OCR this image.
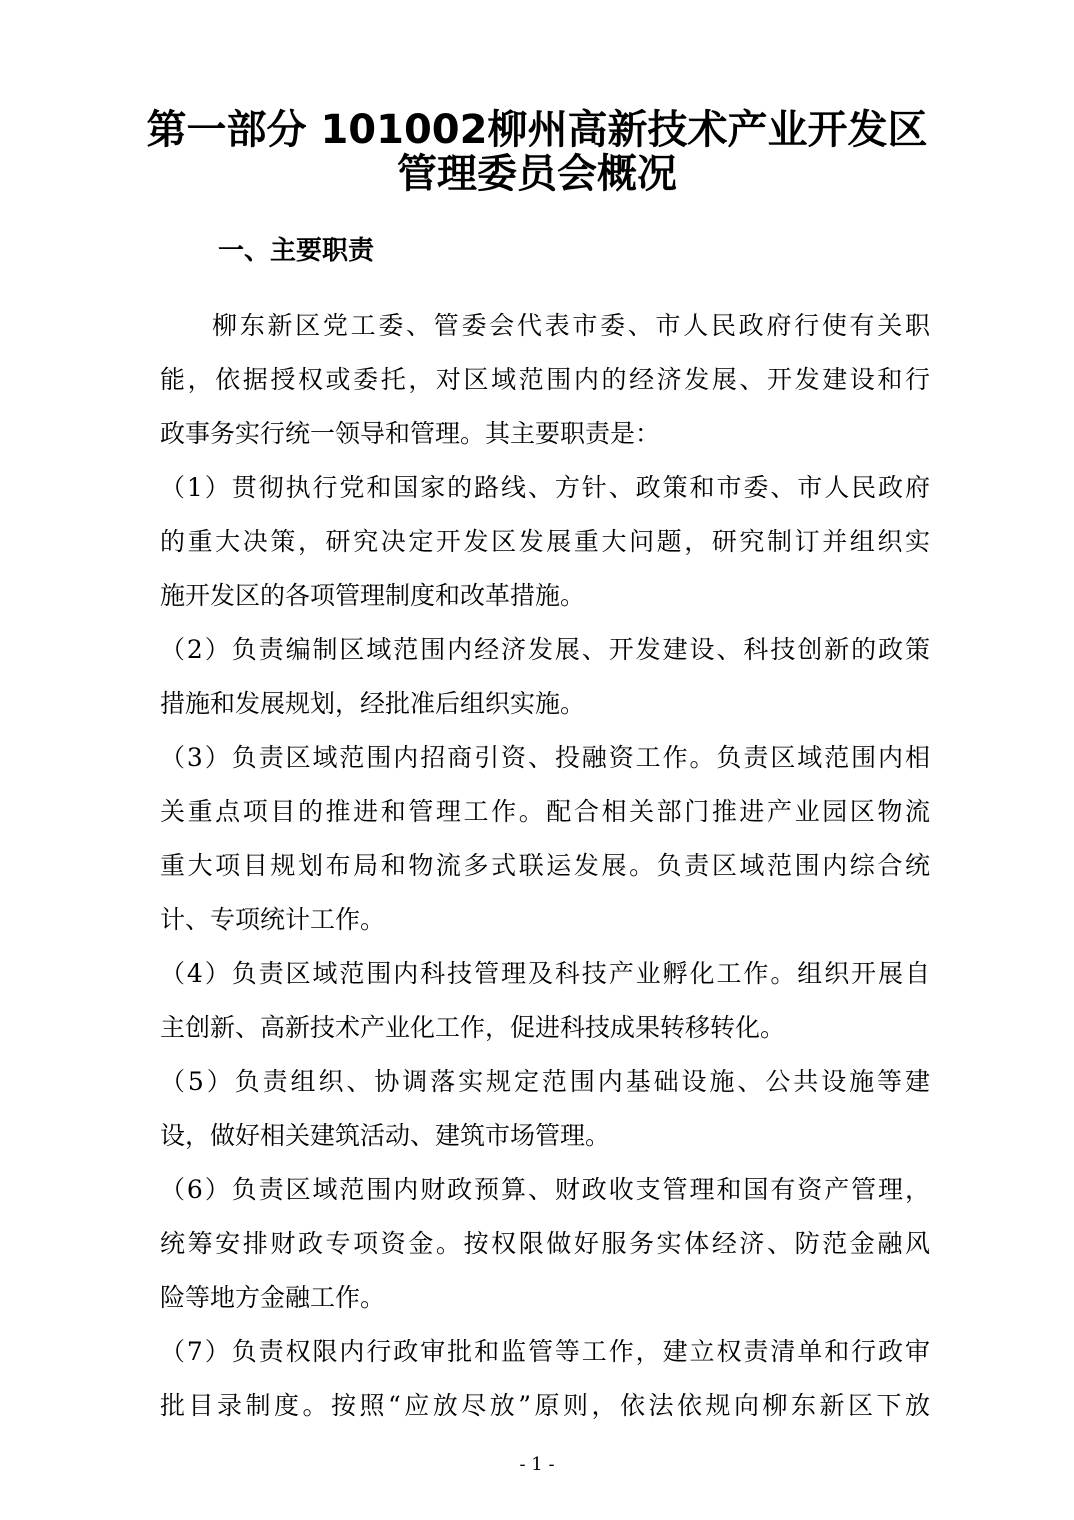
第一部分 101002柳州高新技术产业开发区
管理委员会概况
一、主要职责
柳东新区党工委、管委会代表市委、市人民政府行使有关职
能，依据授权或委托，对区域范围内的经济发展、开发建设和行
政事务实行统一领导和管理。其主要职责是：
（1）贯彻执行党和国家的路线、方针、政策和市委、市人民政府
的重大决策，研究决定开发区发展重大问题，研究制订并组织实
施开发区的各项管理制度和改革措施。
（2）负责编制区域范围内经济发展、开发建设、科技创新的政策
措施和发展规划，经批准后组织实施。
（3）负责区域范围内招商引资、投融资工作。负责区域范围内相
关重点项目的推进和管理工作。配合相关部门推进产业园区物流
重大项目规划布局和物流多式联运发展。负责区域范围内综合统
计、专项统计工作。
（4）负责区域范围内科技管理及科技产业孵化工作。组织开展自
主创新、高新技术产业化工作，促进科技成果转移转化。
（5）负责组织、协调落实规定范围内基础设施、公共设施等建
设，做好相关建筑活动、建筑市场管理。
（6）负责区域范围内财政预算、财政收支管理和国有资产管理，
统筹安排财政专项资金。按权限做好服务实体经济、防范金融风
险等地方金融工作。
（7）负责权限内行政审批和监管等工作，建立权责清单和行政审
批目录制度。按照“应放尽放”原则，依法依规向柳东新区下放
- 1 -
